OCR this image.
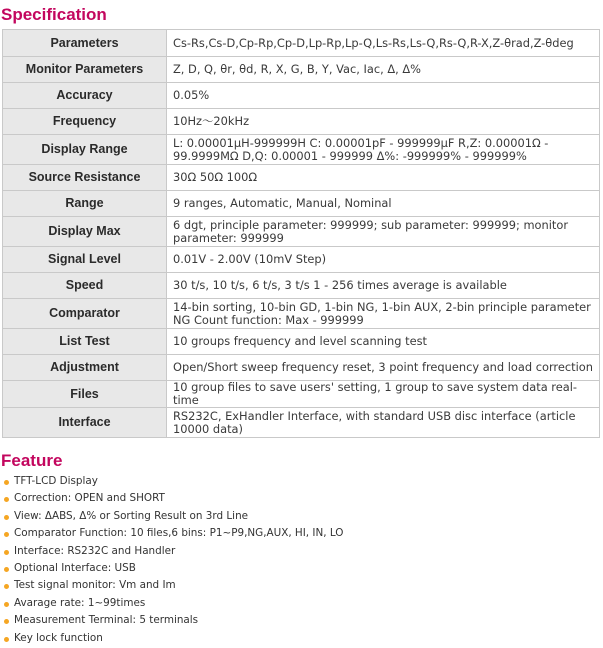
Specification
Parameters	Cs-Rs,Cs-D,Cp-Rp,Cp-D,Lp-Rp,Lp-Q,Ls-Rs,Ls-Q,Rs-Q,R-X,Z-θrad,Z-θdeg
Monitor Parameters	Z, D, Q, θr, θd, R, X, G, B, Y, Vac, Iac, Δ, Δ%
Accuracy	0.05%
Frequency	10Hz～20kHz
Display Range	L: 0.00001μH-999999H C: 0.00001pF - 999999μF R,Z: 0.00001Ω - 99.9999MΩ D,Q: 0.00001 - 999999 Δ%: -999999% - 999999%
Source Resistance	30Ω 50Ω 100Ω
Range	9 ranges, Automatic, Manual, Nominal
Display Max	6 dgt, principle parameter: 999999; sub parameter: 999999; monitor parameter: 999999
Signal Level	0.01V - 2.00V (10mV Step)
Speed	30 t/s, 10 t/s, 6 t/s, 3 t/s 1 - 256 times average is available
Comparator	14-bin sorting, 10-bin GD, 1-bin NG, 1-bin AUX, 2-bin principle parameter NG Count function: Max - 999999
List Test	10 groups frequency and level scanning test
Adjustment	Open/Short sweep frequency reset, 3 point frequency and load correction
Files	10 group files to save users' setting, 1 group to save system data real-time
Interface	RS232C, ExHandler Interface, with standard USB disc interface (article 10000 data)
Feature
TFT-LCD Display
Correction: OPEN and SHORT
View: ΔABS, Δ% or Sorting Result on 3rd Line
Comparator Function: 10 files,6 bins: P1~P9,NG,AUX, HI, IN, LO
Interface: RS232C and Handler
Optional Interface: USB
Test signal monitor: Vm and Im
Avarage rate: 1~99times
Measurement Terminal: 5 terminals
Key lock function
